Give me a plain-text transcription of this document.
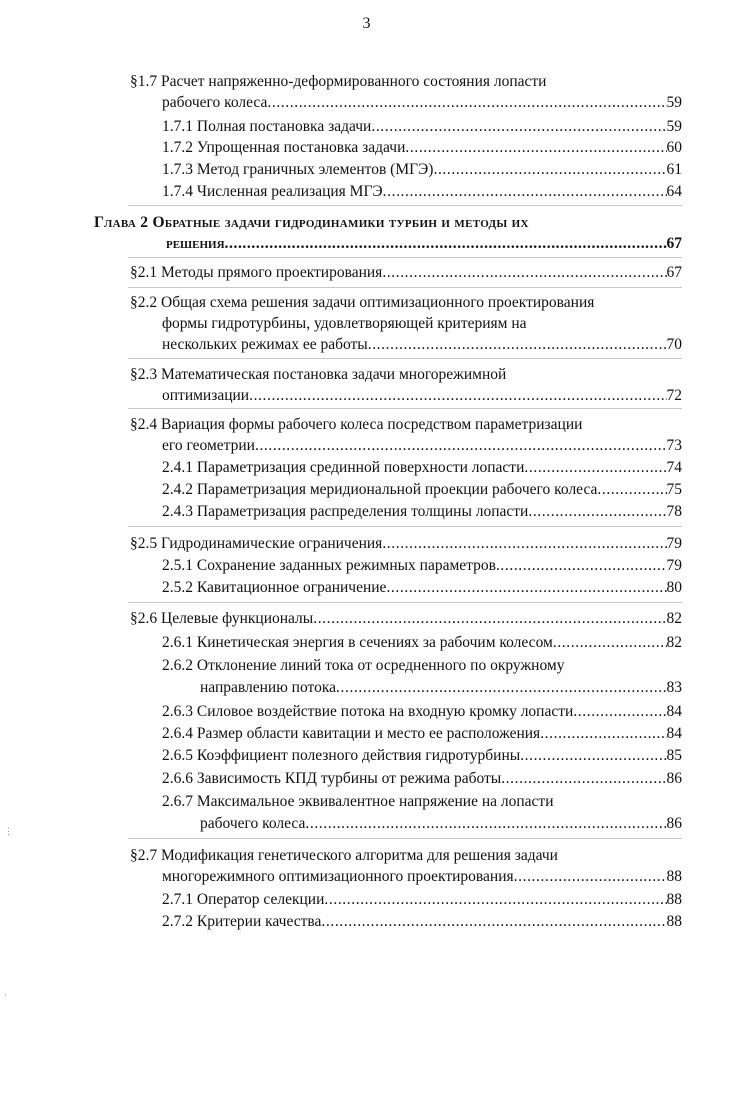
3
§1.7 Расчет напряженно-деформированного состояния лопасти
рабочего колеса .....	59
1.7.1 Полная постановка задачи .....	59
1.7.2 Упрощенная постановка задачи .....	60
1.7.3 Метод граничных элементов (МГЭ) .....	61
1.7.4 Численная реализация МГЭ .....	64
Глава 2 Обратные задачи гидродинамики турбин и методы их
решения .....	67
§2.1 Методы прямого проектирования .....	67
§2.2 Общая схема решения задачи оптимизационного проектирования
формы гидротурбины, удовлетворяющей критериям на
нескольких режимах ее работы .....	70
§2.3 Математическая постановка задачи многорежимной
оптимизации .....	72
§2.4 Вариация формы рабочего колеса посредством параметризации
его геометрии .....	73
2.4.1 Параметризация срединной поверхности лопасти .....	74
2.4.2 Параметризация меридиональной проекции рабочего колеса .....	75
2.4.3 Параметризация распределения толщины лопасти .....	78
§2.5 Гидродинамические ограничения .....	79
2.5.1 Сохранение заданных режимных параметров .....	79
2.5.2 Кавитационное ограничение .....	80
§2.6 Целевые функционалы .....	82
2.6.1 Кинетическая энергия в сечениях за рабочим колесом .....	82
2.6.2 Отклонение линий тока от осредненного по окружному
направлению потока .....	83
2.6.3 Силовое воздействие потока на входную кромку лопасти .....	84
2.6.4 Размер области кавитации и место ее расположения .....	84
2.6.5 Коэффициент полезного действия гидротурбины .....	85
2.6.6 Зависимость КПД турбины от режима работы .....	86
2.6.7 Максимальное эквивалентное напряжение на лопасти
рабочего колеса .....	86
§2.7 Модификация генетического алгоритма для решения задачи
многорежимного оптимизационного проектирования .....	88
2.7.1 Оператор селекции .....	88
2.7.2 Критерии качества .....	88
⋮
·
